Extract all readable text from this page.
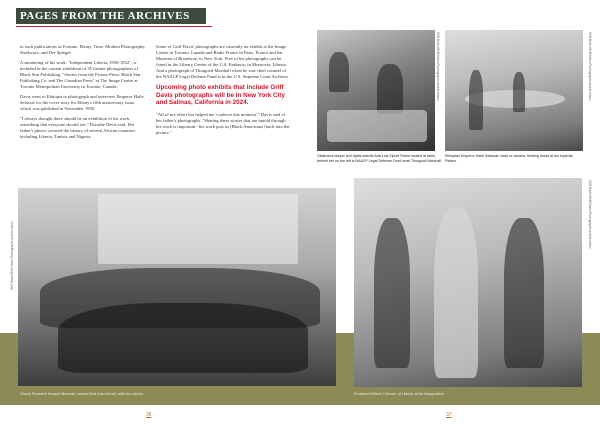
PAGES FROM THE ARCHIVES

in such publications as Fortune, Ebony, Time, Modern Photography, Steelways, and Der Spiegel.

A smattering of his work, "Independent Liberia, 1950-1952", is included in the current exhibition of 35 former photographers of Black Star Publishing. "Stories from the Picture Press: Black Star Publishing Co. and The Canadian Press" at The Image Centre at Toronto Metropolitan University in Toronto, Canada.

Davis went to Ethiopia to photograph and interview Emperor Haile Selassie for the cover story for Ebony's fifth anniversary issue, which was published in November 1950.

"I always thought there should be an exhibition of his work, something that everyone should see," Dorothe Davis said. Her father's photos covered the history of several African countries including Liberia, Tunisia and Nigeria.

Some of Griff Davis' photographs are currently on exhibit at the Image Centre in Toronto, Canada and Radio France in Paris, France and the Museum of Broadway, in New York. Five of his photographs can be found in the Library Center of the U.S. Embassy, in Monrovia, Liberia. And a photograph of Thurgood Marshall when he was chief counsel of the NAACP Legal Defense Fund is in the U.S. Supreme Court Archives.

Upcoming photo exhibits that include Griff Davis photographs will be in New York City and Salinas, California in 2024.

"All of my effort has helped me 'coalesce this moment'," Davis said of her father's photographs. "Sharing these stories that are untold through his work is important - his work puts us [Black Americans] back into the picture."

Griff Davis/Griff Davis Photographs and Archives
Oklahoma lawyer civil rights activist Ada Lois Sipuel Fisher seated at table, behind her on the left is NAACP Legal Defense Fund head Thurgood Marshall.
Griff Davis/Griff Davis Photographs and Archives
Ethiopian Emperor Haile Selassie, back to camera, feeding ducks at his imperial Palace.
Griff Davis/Griff Davis Photographs and Archives
Ghana President Kwame Nkrumah, seated third from the left, with his cabinet.
Griff Davis/Griff Davis Photographs and Archives
President William Tubman, of Liberia, at his inauguration.
36	37
